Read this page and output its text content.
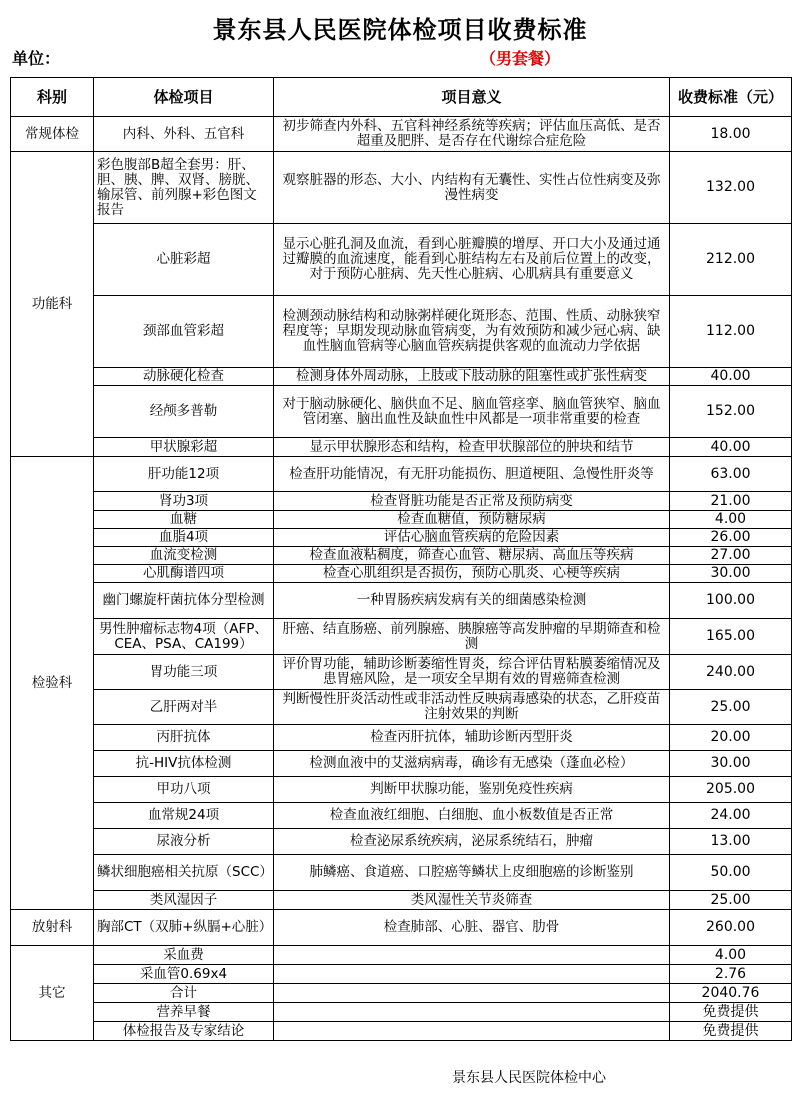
景东县人民医院体检项目收费标准
单位：	（男套餐）
科别	体检项目	项目意义	收费标准（元）
常规体检	内科、外科、五官科	初步筛查内外科、五官科神经系统等疾病；评估血压高低、是否超重及肥胖、是否存在代谢综合症危险	18.00
功能科	彩色腹部B超全套男：肝、胆、胰、脾、双肾、膀胱、输尿管、前列腺+彩色图文报告	观察脏器的形态、大小、内结构有无囊性、实性占位性病变及弥漫性病变	132.00
	心脏彩超	显示心脏孔洞及血流，看到心脏瓣膜的增厚、开口大小及通过通过瓣膜的血流速度，能看到心脏结构左右及前后位置上的改变，对于预防心脏病、先天性心脏病、心肌病具有重要意义	212.00
	颈部血管彩超	检测颈动脉结构和动脉粥样硬化斑形态、范围、性质、动脉狭窄程度等；早期发现动脉血管病变，为有效预防和减少冠心病、缺血性脑血管病等心脑血管疾病提供客观的血流动力学依据	112.00
	动脉硬化检查	检测身体外周动脉，上肢或下肢动脉的阻塞性或扩张性病变	40.00
	经颅多普勒	对于脑动脉硬化、脑供血不足、脑血管痉挛、脑血管狭窄、脑血管闭塞、脑出血性及缺血性中风都是一项非常重要的检查	152.00
	甲状腺彩超	显示甲状腺形态和结构，检查甲状腺部位的肿块和结节	40.00
检验科	肝功能12项	检查肝功能情况，有无肝功能损伤、胆道梗阻、急慢性肝炎等	63.00
	肾功3项	检查肾脏功能是否正常及预防病变	21.00
	血糖	检查血糖值，预防糖尿病	4.00
	血脂4项	评估心脑血管疾病的危险因素	26.00
	血流变检测	检查血液粘稠度，筛查心血管、糖尿病、高血压等疾病	27.00
	心肌酶谱四项	检查心肌组织是否损伤，预防心肌炎、心梗等疾病	30.00
	幽门螺旋杆菌抗体分型检测	一种胃肠疾病发病有关的细菌感染检测	100.00
	男性肿瘤标志物4项（AFP、CEA、PSA、CA199）	肝癌、结直肠癌、前列腺癌、胰腺癌等高发肿瘤的早期筛查和检测	165.00
	胃功能三项	评价胃功能，辅助诊断萎缩性胃炎，综合评估胃粘膜萎缩情况及患胃癌风险，是一项安全早期有效的胃癌筛查检测	240.00
	乙肝两对半	判断慢性肝炎活动性或非活动性反映病毒感染的状态，乙肝疫苗注射效果的判断	25.00
	丙肝抗体	检查丙肝抗体，辅助诊断丙型肝炎	20.00
	抗-HIV抗体检测	检测血液中的艾滋病病毒，确诊有无感染（蓬血必检）	30.00
	甲功八项	判断甲状腺功能，鉴别免疫性疾病	205.00
	血常规24项	检查血液红细胞、白细胞、血小板数值是否正常	24.00
	尿液分析	检查泌尿系统疾病，泌尿系统结石，肿瘤	13.00
	鳞状细胞癌相关抗原（SCC）	肺鳞癌、食道癌、口腔癌等鳞状上皮细胞癌的诊断鉴别	50.00
	类风湿因子	类风湿性关节炎筛查	25.00
放射科	胸部CT（双肺+纵膈+心脏）	检查肺部、心脏、器官、肋骨	260.00
其它	采血费		4.00
	采血管0.69x4		2.76
	合计		2040.76
	营养早餐		免费提供
	体检报告及专家结论		免费提供
景东县人民医院体检中心
